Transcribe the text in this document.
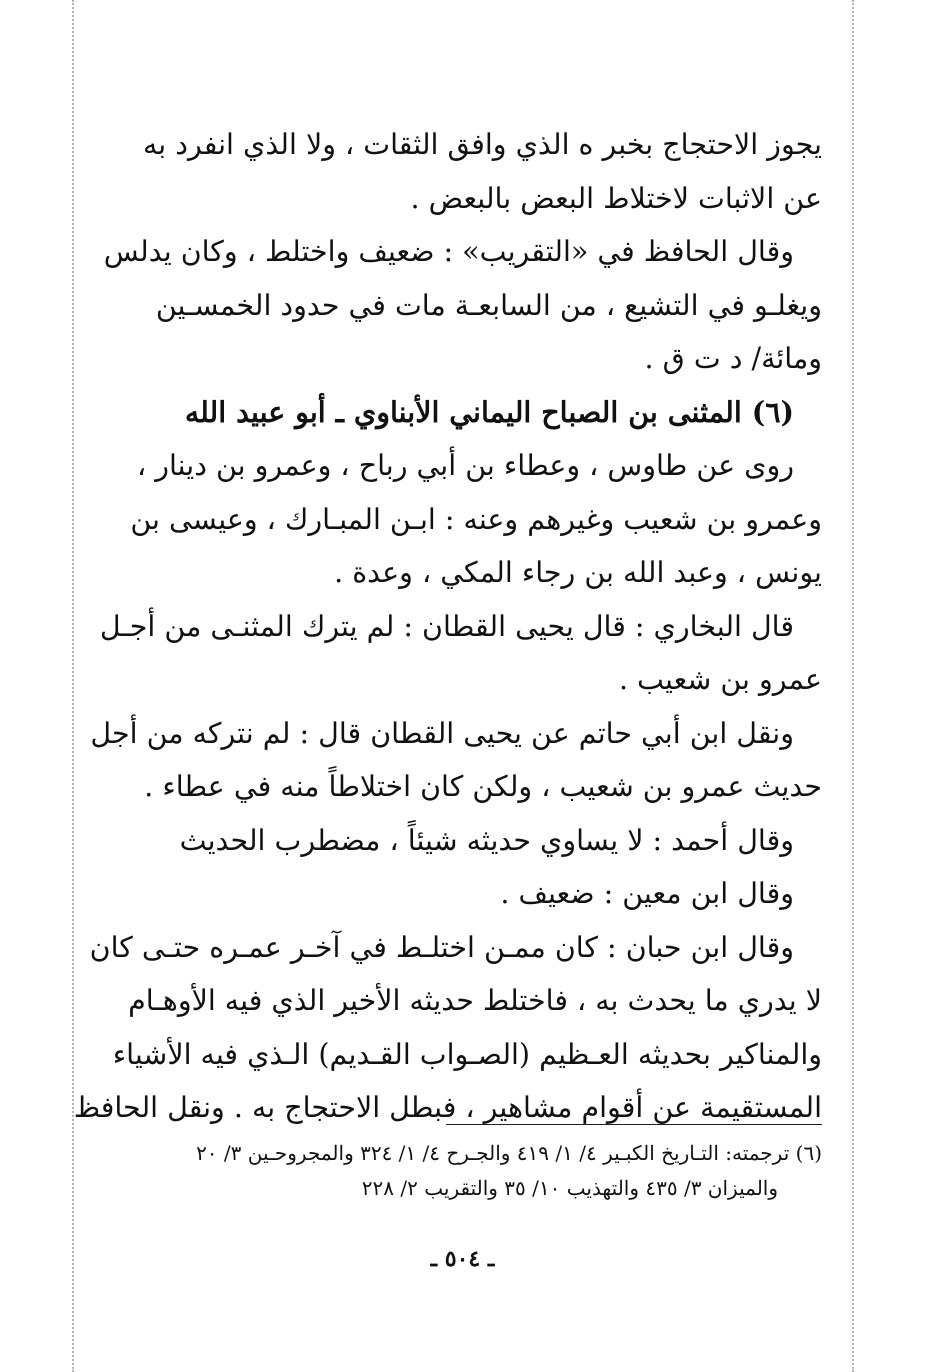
يجوز الاحتجاج بخبر ه الذي وافق الثقات ، ولا الذي انفرد به
عن الاثبات لاختلاط البعض بالبعض .
وقال الحافظ في «التقريب» : ضعيف واختلط ، وكان يدلس
ويغلـو في التشيع ، من السابعـة مات في حدود الخمسـين
ومائة/ د ت ق .
(٦) المثنى بن الصباح اليماني الأبناوي ـ أبو عبيد الله
روى عن طاوس ، وعطاء بن أبي رباح ، وعمرو بن دينار ،
وعمرو بن شعيب وغيرهم وعنه : ابـن المبـارك ، وعيسى بن
يونس ، وعبد الله بن رجاء المكي ، وعدة .
قال البخاري : قال يحيى القطان : لم يترك المثنـى من أجـل
عمرو بن شعيب .
ونقل ابن أبي حاتم عن يحيى القطان قال : لم نتركه من أجل
حديث عمرو بن شعيب ، ولكن كان اختلاطاً منه في عطاء .
وقال أحمد : لا يساوي حديثه شيئاً ، مضطرب الحديث
وقال ابن معين : ضعيف .
وقال ابن حبان : كان ممـن اختلـط في آخـر عمـره حتـى كان
لا يدري ما يحدث به ، فاختلط حديثه الأخير الذي فيه الأوهـام
والمناكير بحديثه العـظيم (الصـواب القـديم) الـذي فيه الأشياء
المستقيمة عن أقوام مشاهير ، فبطل الاحتجاج به . ونقل الحافظ
(٦) ترجمته: التـاريخ الكبـير ٤/ ١/ ٤١٩ والجـرح ٤/ ١/ ٣٢٤ والمجروحـين ٣/ ٢٠
والميزان ٣/ ٤٣٥ والتهذيب ١٠/ ٣٥ والتقريب ٢/ ٢٢٨
ـ ٥٠٤ ـ
